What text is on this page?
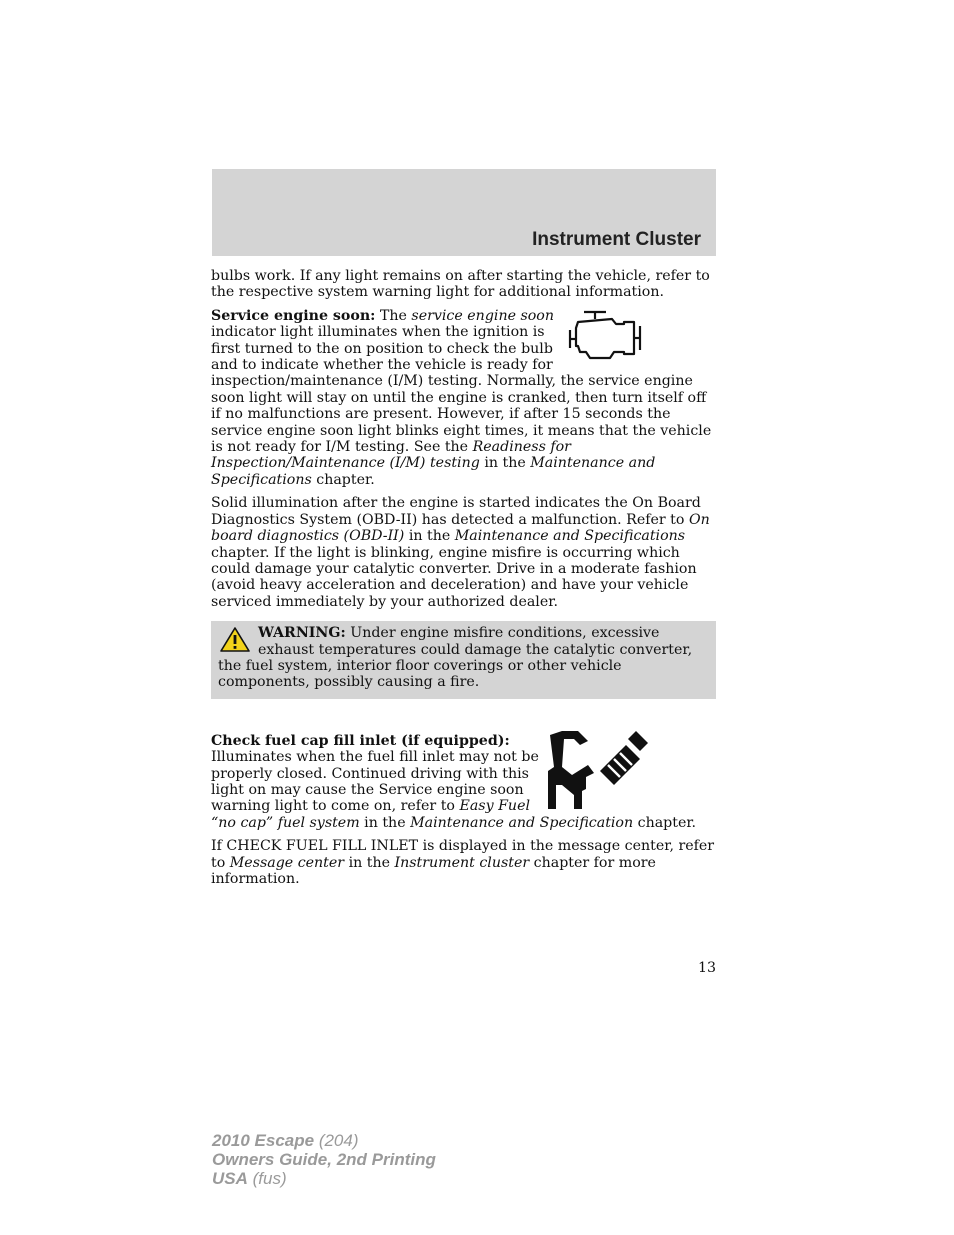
Instrument Cluster

bulbs work. If any light remains on after starting the vehicle, refer to the respective system warning light for additional information.

Service engine soon: The service engine soon indicator light illuminates when the ignition is first turned to the on position to check the bulb and to indicate whether the vehicle is ready for inspection/maintenance (I/M) testing. Normally, the service engine soon light will stay on until the engine is cranked, then turn itself off if no malfunctions are present. However, if after 15 seconds the service engine soon light blinks eight times, it means that the vehicle is not ready for I/M testing. See the Readiness for Inspection/Maintenance (I/M) testing in the Maintenance and Specifications chapter.

Solid illumination after the engine is started indicates the On Board Diagnostics System (OBD-II) has detected a malfunction. Refer to On board diagnostics (OBD-II) in the Maintenance and Specifications chapter. If the light is blinking, engine misfire is occurring which could damage your catalytic converter. Drive in a moderate fashion (avoid heavy acceleration and deceleration) and have your vehicle serviced immediately by your authorized dealer.

WARNING: Under engine misfire conditions, excessive exhaust temperatures could damage the catalytic converter, the fuel system, interior floor coverings or other vehicle components, possibly causing a fire.

Check fuel cap fill inlet (if equipped): Illuminates when the fuel fill inlet may not be properly closed. Continued driving with this light on may cause the Service engine soon warning light to come on, refer to Easy Fuel “no cap” fuel system in the Maintenance and Specification chapter.

If CHECK FUEL FILL INLET is displayed in the message center, refer to Message center in the Instrument cluster chapter for more information.

13
2010 Escape (204)
Owners Guide, 2nd Printing
USA (fus)
